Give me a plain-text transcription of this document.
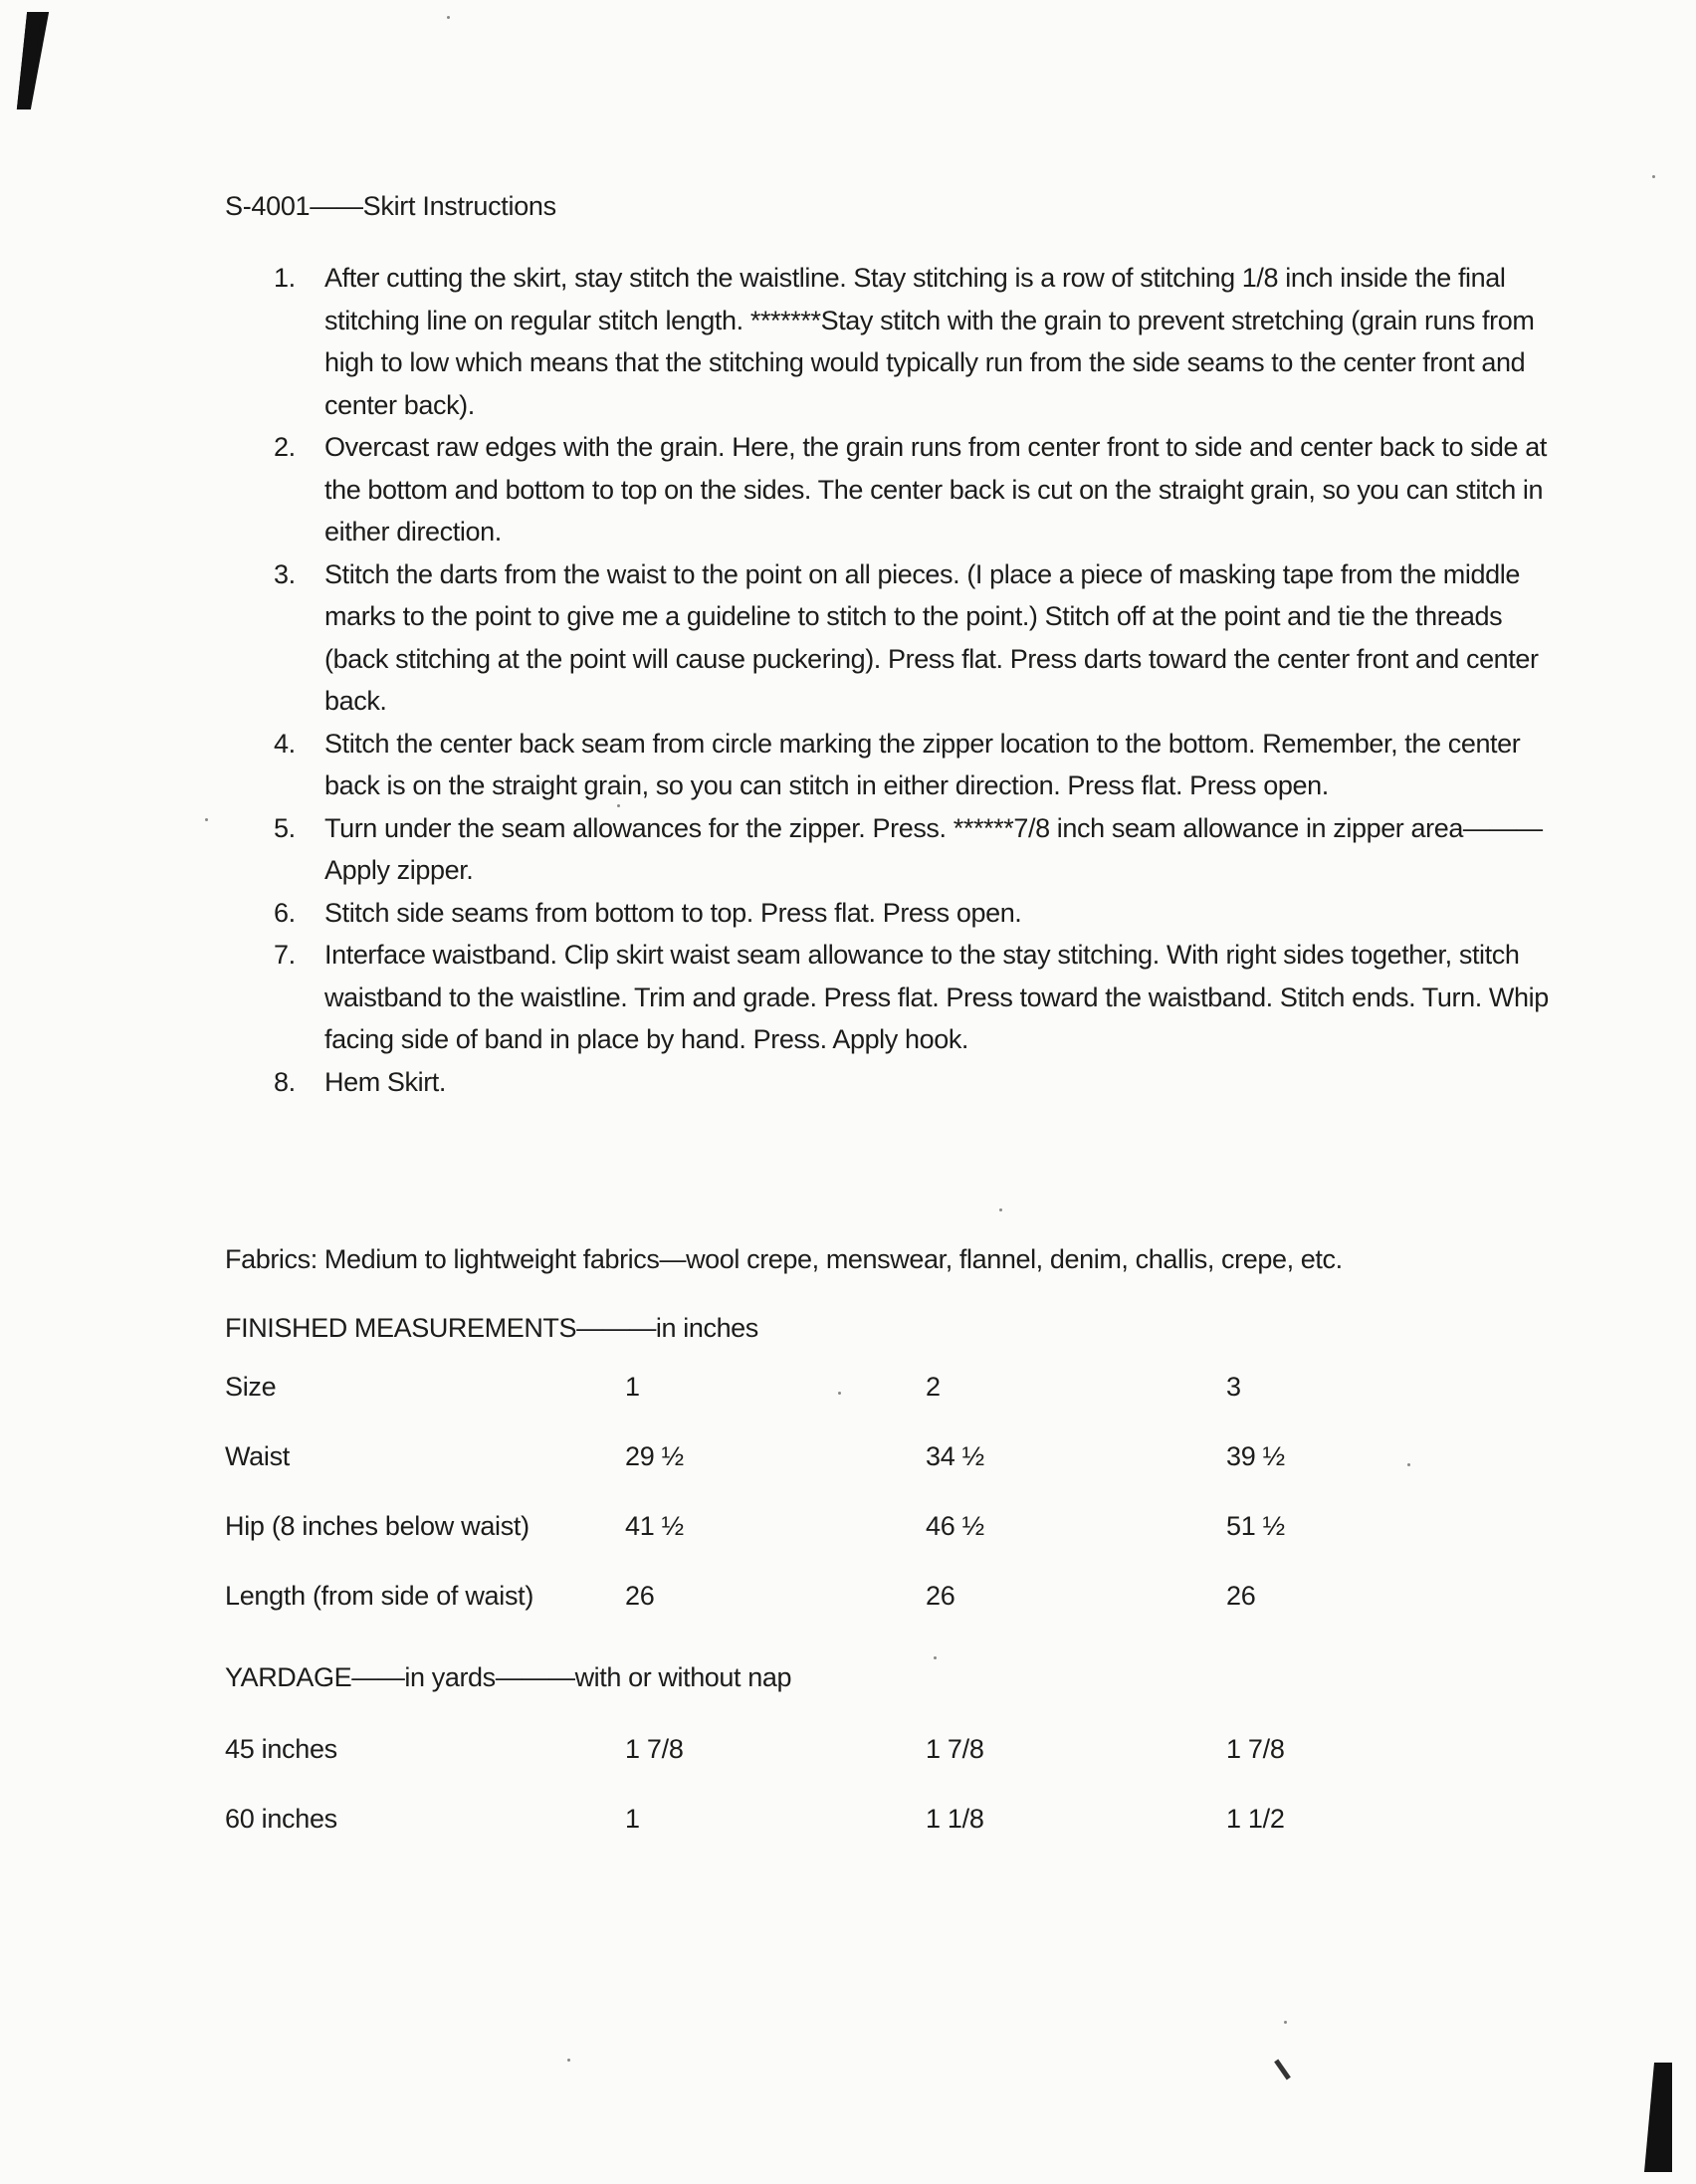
S-4001——Skirt Instructions
1.	After cutting the skirt, stay stitch the waistline. Stay stitching is a row of stitching 1/8 inch inside the final stitching line on regular stitch length. *******Stay stitch with the grain to prevent stretching (grain runs from high to low which means that the stitching would typically run from the side seams to the center front and center back).
2.	Overcast raw edges with the grain. Here, the grain runs from center front to side and center back to side at the bottom and bottom to top on the sides. The center back is cut on the straight grain, so you can stitch in either direction.
3.	Stitch the darts from the waist to the point on all pieces. (I place a piece of masking tape from the middle marks to the point to give me a guideline to stitch to the point.) Stitch off at the point and tie the threads (back stitching at the point will cause puckering). Press flat. Press darts toward the center front and center back.
4.	Stitch the center back seam from circle marking the zipper location to the bottom. Remember, the center back is on the straight grain, so you can stitch in either direction. Press flat. Press open.
5.	Turn under the seam allowances for the zipper. Press. ******7/8 inch seam allowance in zipper area———Apply zipper.
6.	Stitch side seams from bottom to top. Press flat. Press open.
7.	Interface waistband. Clip skirt waist seam allowance to the stay stitching. With right sides together, stitch waistband to the waistline. Trim and grade. Press flat. Press toward the waistband. Stitch ends. Turn. Whip facing side of band in place by hand. Press. Apply hook.
8.	Hem Skirt.
Fabrics: Medium to lightweight fabrics—wool crepe, menswear, flannel, denim, challis, crepe, etc.
FINISHED MEASUREMENTS———in inches
Size	1	2	3
Waist	29 ½	34 ½	39 ½
Hip (8 inches below waist)	41 ½	46 ½	51 ½
Length (from side of waist)	26	26	26
YARDAGE——in yards———with or without nap
45 inches	1 7/8	1 7/8	1 7/8
60 inches	1	1 1/8	1 1/2
